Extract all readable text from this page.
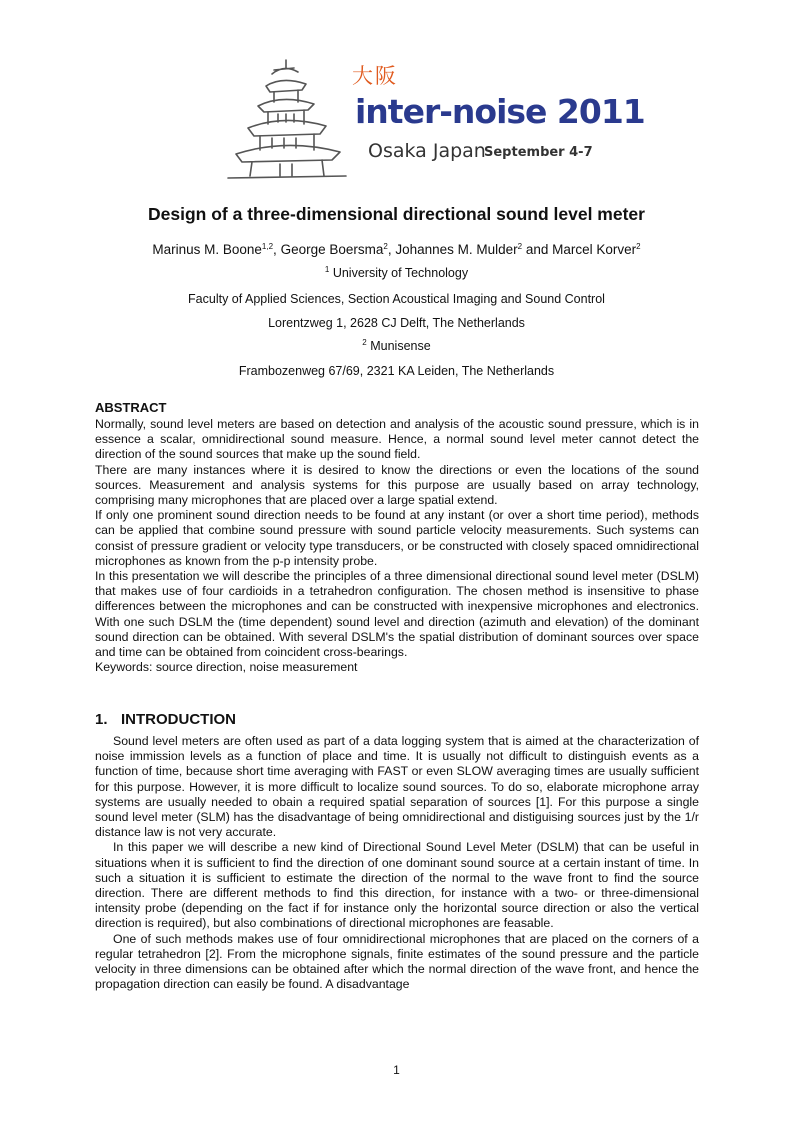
大阪
inter-noise 2011
Osaka Japan
September 4-7
Design of a three-dimensional directional sound level meter
Marinus M. Boone$^{1,2}$, George Boersma$^2$, Johannes M. Mulder$^2$ and Marcel Korver$^2$
$^1$ University of Technology
Faculty of Applied Sciences, Section Acoustical Imaging and Sound Control
Lorentzweg 1, 2628 CJ Delft, The Netherlands
$^2$ Munisense
Frambozenweg 67/69, 2321 KA Leiden, The Netherlands
ABSTRACT

Normally, sound level meters are based on detection and analysis of the acoustic sound pressure, which is in essence a scalar, omnidirectional sound measure. Hence, a normal sound level meter cannot detect the direction of the sound sources that make up the sound field.

There are many instances where it is desired to know the directions or even the locations of the sound sources. Measurement and analysis systems for this purpose are usually based on array technology, comprising many microphones that are placed over a large spatial extend.

If only one prominent sound direction needs to be found at any instant (or over a short time period), methods can be applied that combine sound pressure with sound particle velocity measurements. Such systems can consist of pressure gradient or velocity type transducers, or be constructed with closely spaced omnidirectional microphones as known from the p-p intensity probe.

In this presentation we will describe the principles of a three dimensional directional sound level meter (DSLM) that makes use of four cardioids in a tetrahedron configuration. The chosen method is insensitive to phase differences between the microphones and can be constructed with inexpensive microphones and electronics. With one such DSLM the (time dependent) sound level and direction (azimuth and elevation) of the dominant sound direction can be obtained. With several DSLM's the spatial distribution of dominant sources over space and time can be obtained from coincident cross-bearings.

Keywords: source direction, noise measurement

1. INTRODUCTION

Sound level meters are often used as part of a data logging system that is aimed at the characterization of noise immission levels as a function of place and time. It is usually not difficult to distinguish events as a function of time, because short time averaging with FAST or even SLOW averaging times are usually sufficient for this purpose. However, it is more difficult to localize sound sources. To do so, elaborate microphone array systems are usually needed to obain a required spatial separation of sources [1]. For this purpose a single sound level meter (SLM) has the disadvantage of being omnidirectional and distiguising sources just by the 1/r distance law is not very accurate.

In this paper we will describe a new kind of Directional Sound Level Meter (DSLM) that can be useful in situations when it is sufficient to find the direction of one dominant sound source at a certain instant of time. In such a situation it is sufficient to estimate the direction of the normal to the wave front to find the source direction. There are different methods to find this direction, for instance with a two- or three-dimensional intensity probe (depending on the fact if for instance only the horizontal source direction or also the vertical direction is required), but also combinations of directional microphones are feasable.

One of such methods makes use of four omnidirectional microphones that are placed on the corners of a regular tetrahedron [2]. From the microphone signals, finite estimates of the sound pressure and the particle velocity in three dimensions can be obtained after which the normal direction of the wave front, and hence the propagation direction can easily be found. A disadvantage

1
